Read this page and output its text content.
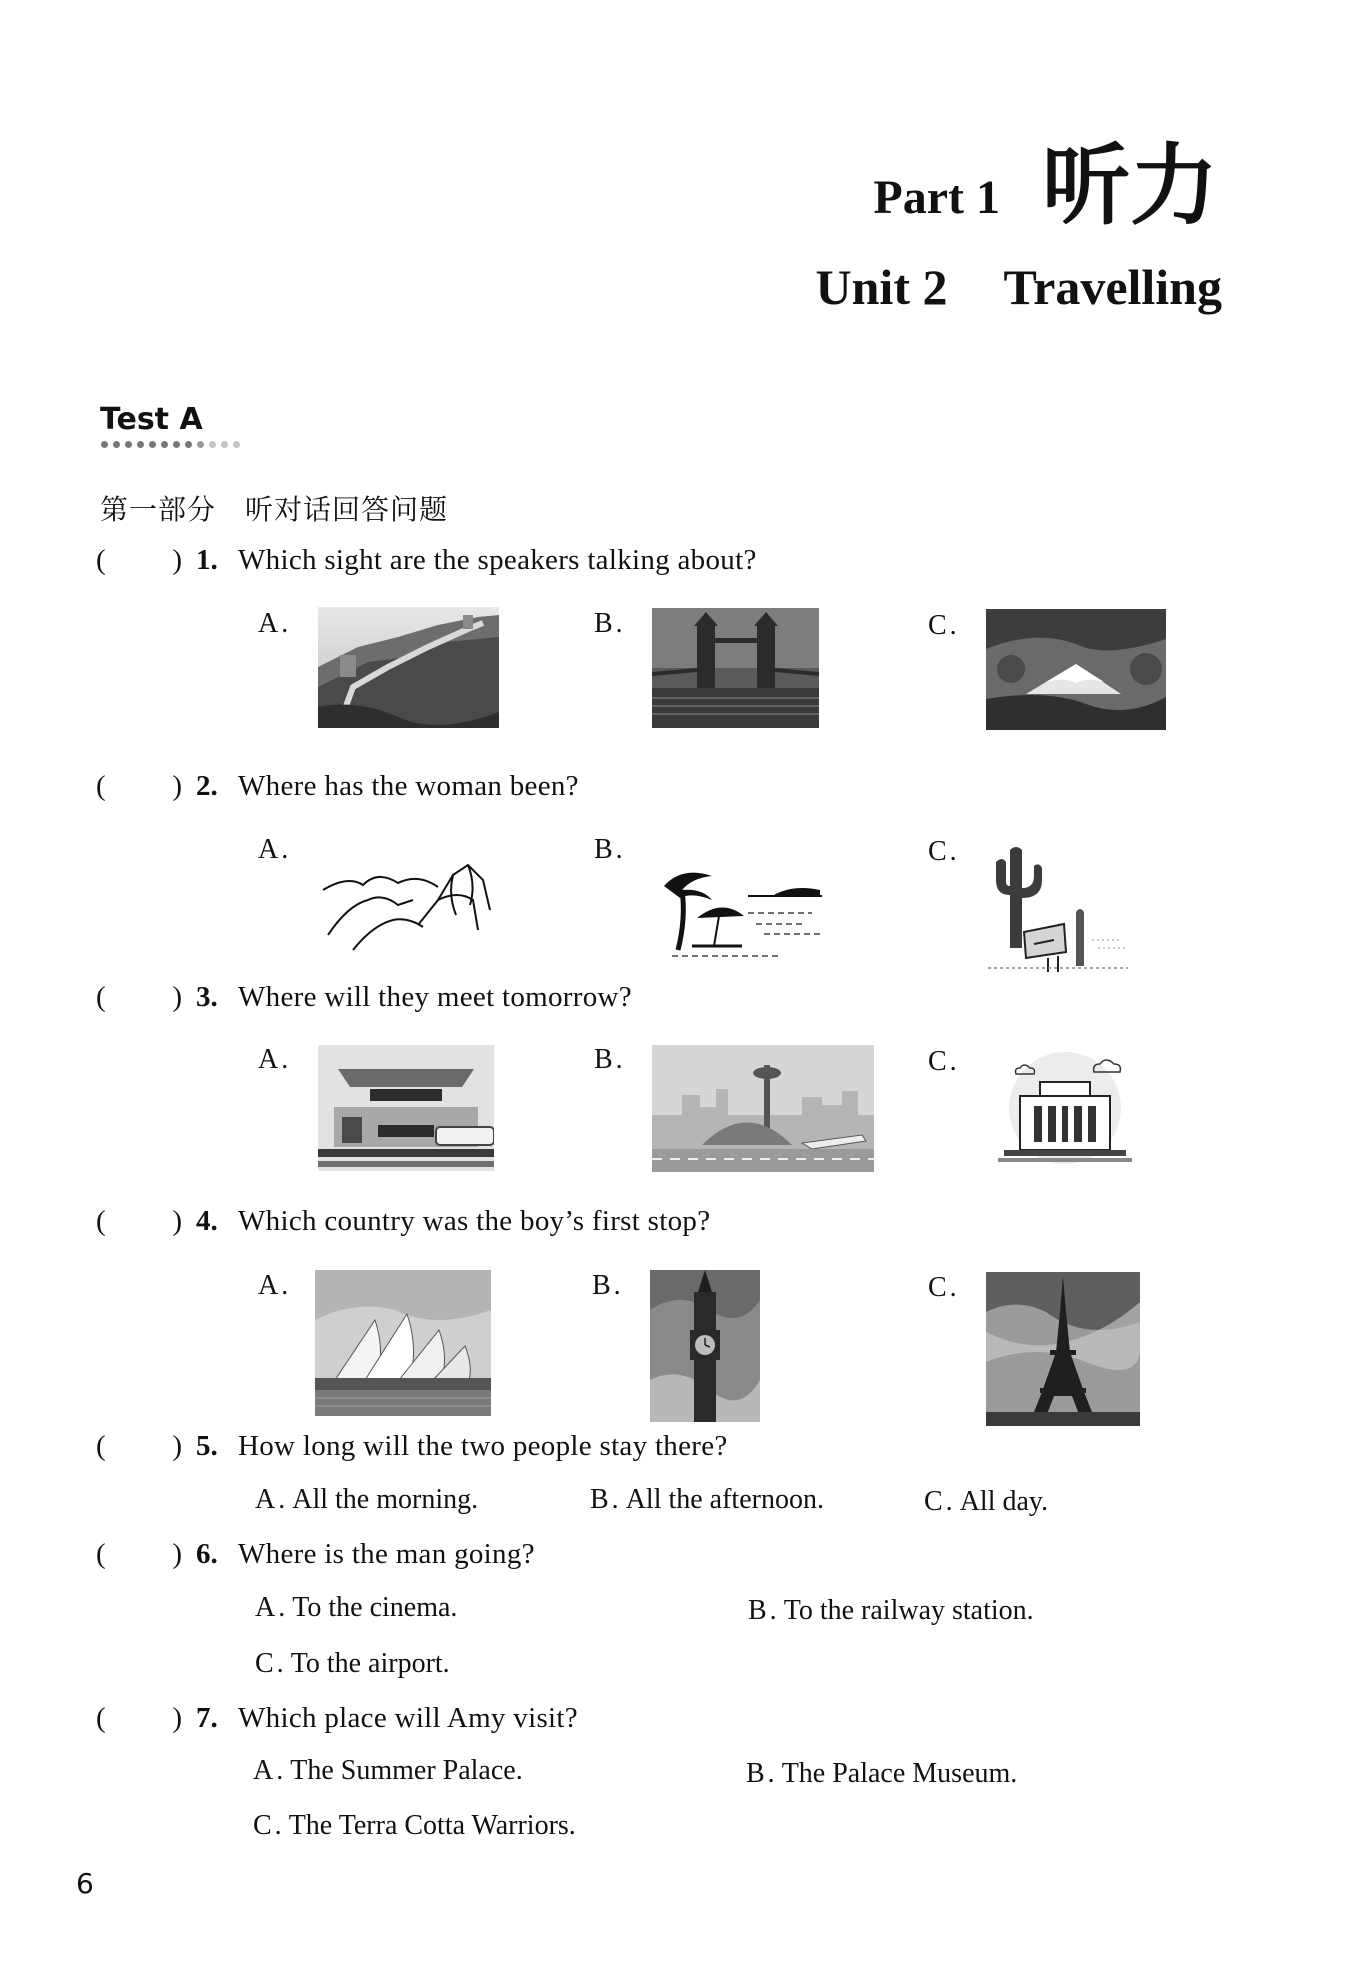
Part 1 听力
Unit 2 Travelling
Test A
第一部分　听对话回答问题
( ) 1. Which sight are the speakers talking about?
A.	B.	C.
( ) 2. Where has the woman been?
A.	B.	C.
( ) 3. Where will they meet tomorrow?
A.	B.	C.
( ) 4. Which country was the boy’s first stop?
A.	B.	C.
( ) 5. How long will the two people stay there?
A. All the morning.	B. All the afternoon.	C. All day.
( ) 6. Where is the man going?
A. To the cinema.	B. To the railway station.
C. To the airport.
( ) 7. Which place will Amy visit?
A. The Summer Palace.	B. The Palace Museum.
C. The Terra Cotta Warriors.
6
